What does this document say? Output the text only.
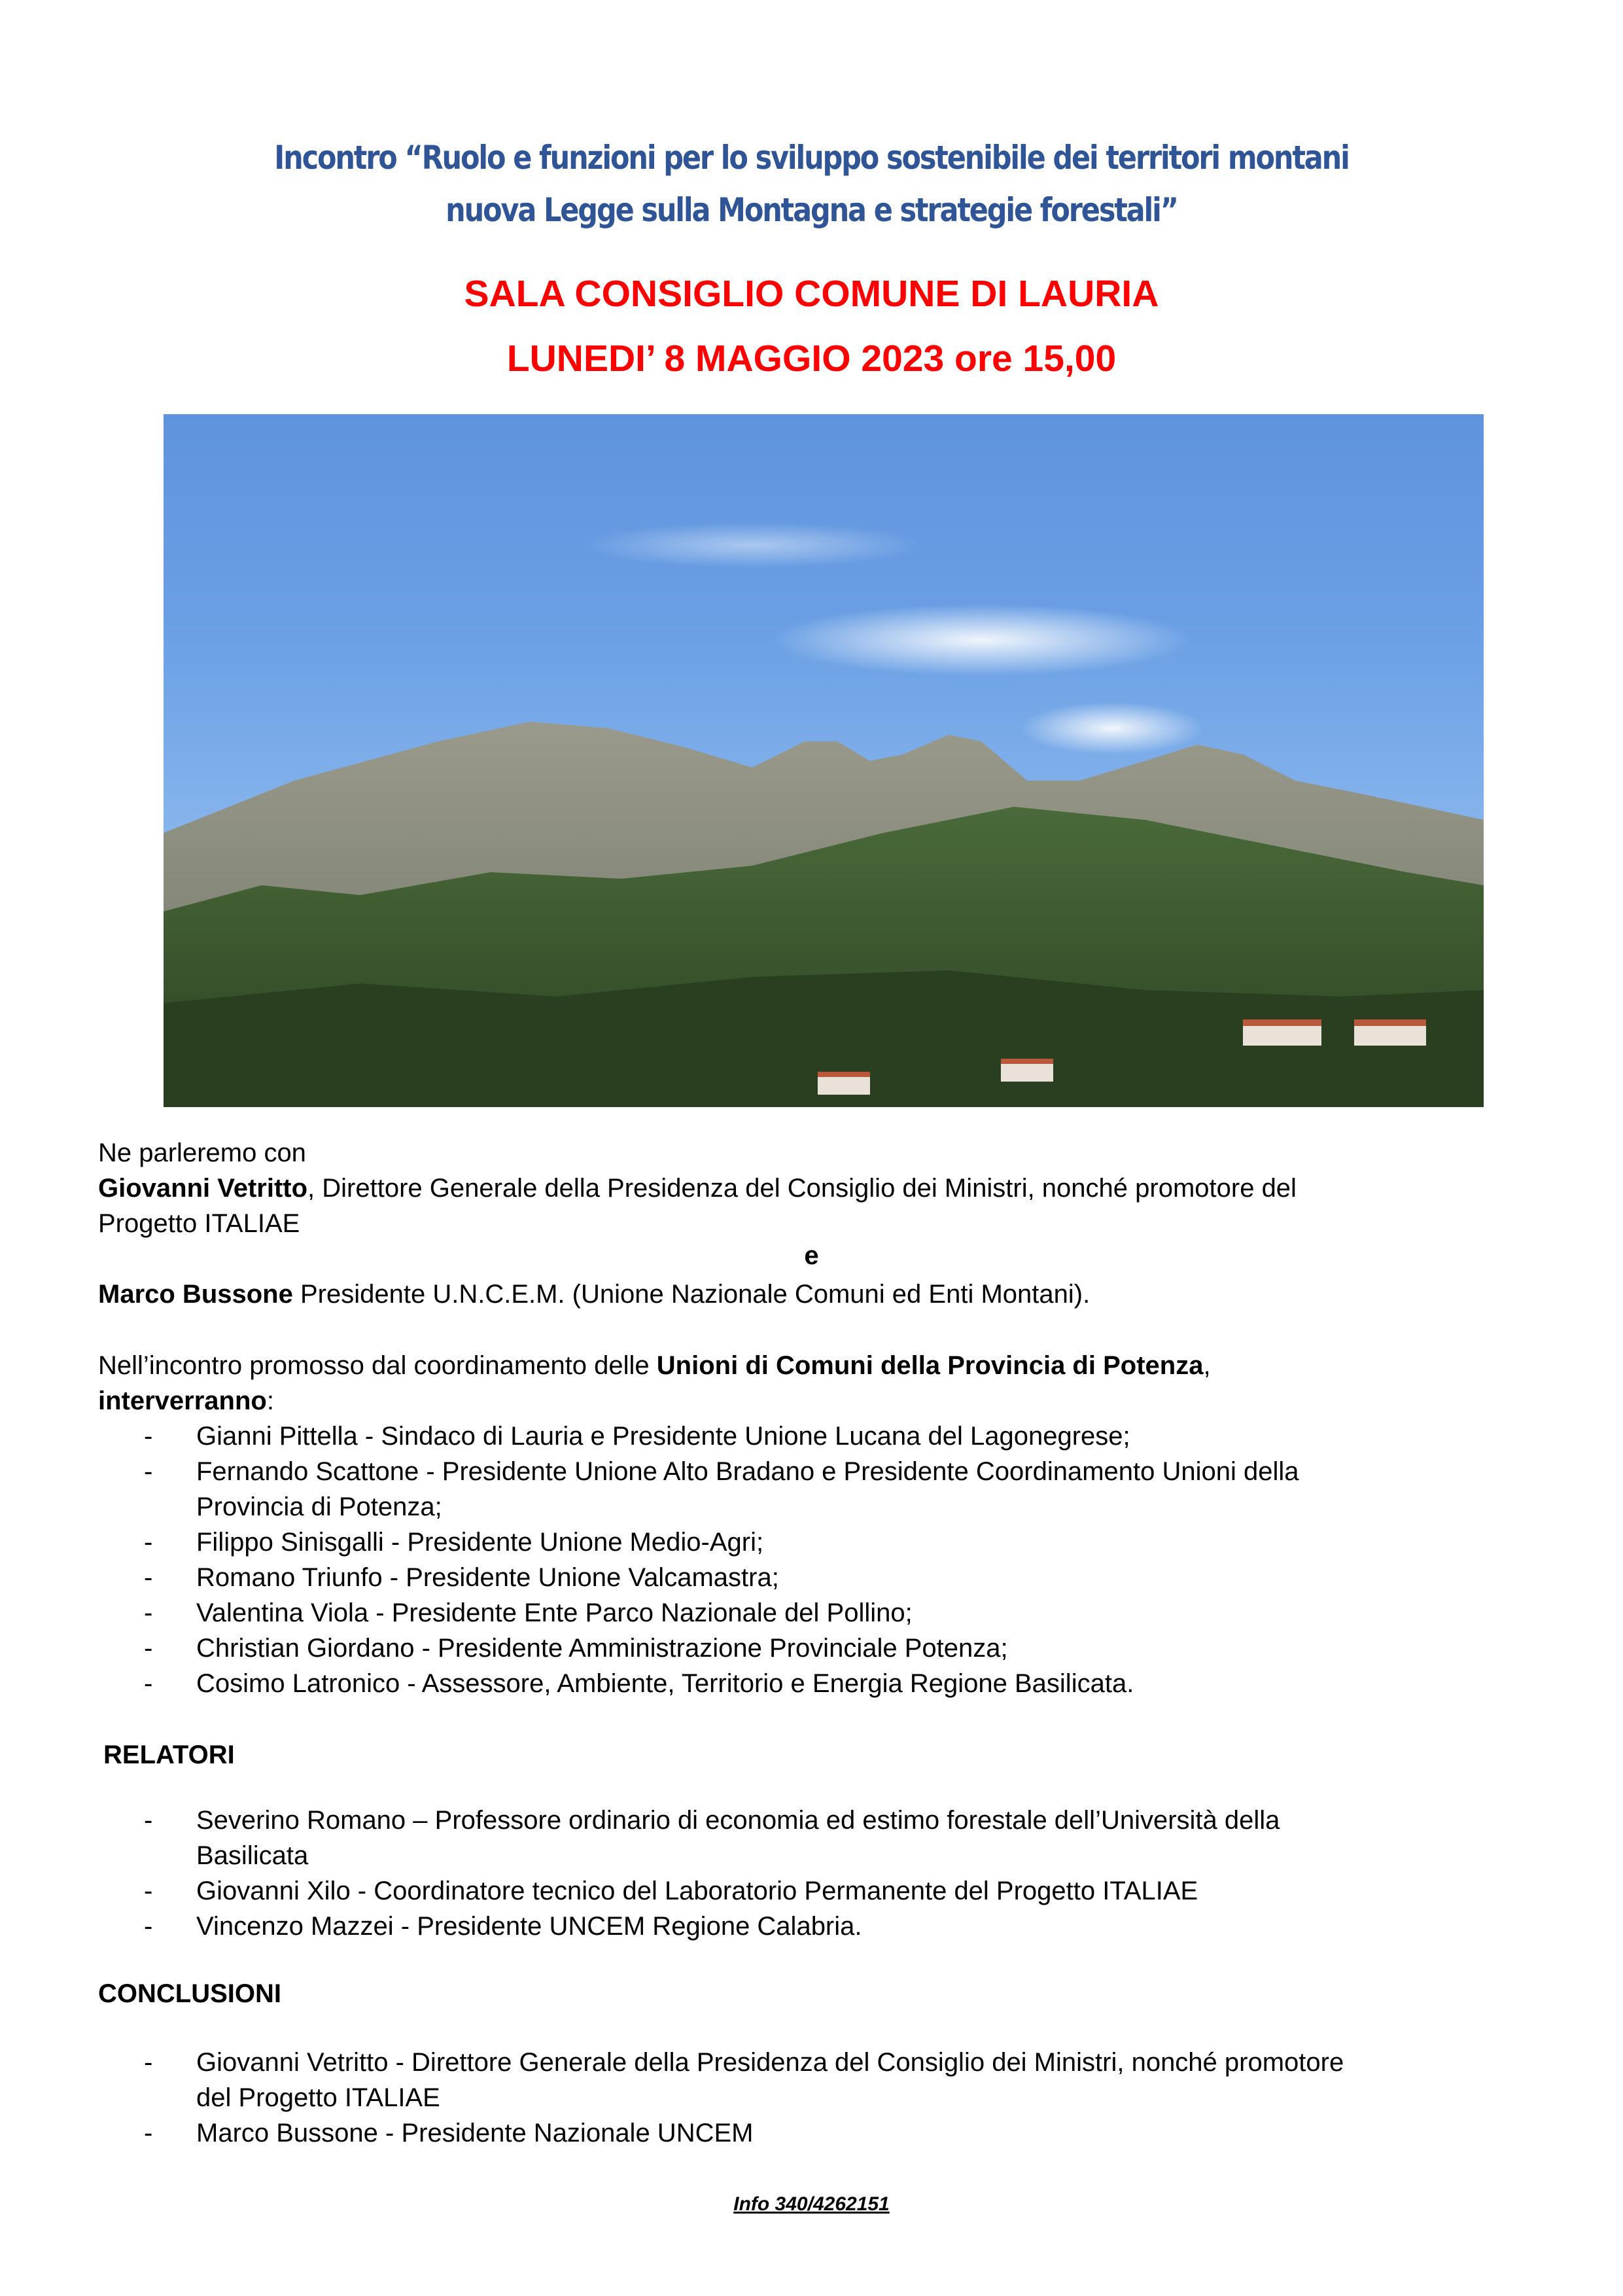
Incontro “Ruolo e funzioni per lo sviluppo sostenibile dei territori montani
nuova Legge sulla Montagna e strategie forestali”
SALA CONSIGLIO COMUNE DI LAURIA
LUNEDI’ 8 MAGGIO 2023 ore 15,00
Ne parleremo con
Giovanni Vetritto, Direttore Generale della Presidenza del Consiglio dei Ministri, nonché promotore del
Progetto ITALIAE
e
Marco Bussone Presidente U.N.C.E.M. (Unione Nazionale Comuni ed Enti Montani).
Nell’incontro promosso dal coordinamento delle Unioni di Comuni della Provincia di Potenza,
interverranno:
- Gianni Pittella - Sindaco di Lauria e Presidente Unione Lucana del Lagonegrese;
- Fernando Scattone - Presidente Unione Alto Bradano e Presidente Coordinamento Unioni della
Provincia di Potenza;
- Filippo Sinisgalli - Presidente Unione Medio-Agri;
- Romano Triunfo - Presidente Unione Valcamastra;
- Valentina Viola - Presidente Ente Parco Nazionale del Pollino;
- Christian Giordano - Presidente Amministrazione Provinciale Potenza;
- Cosimo Latronico - Assessore, Ambiente, Territorio e Energia Regione Basilicata.
RELATORI
- Severino Romano – Professore ordinario di economia ed estimo forestale dell’Università della
Basilicata
- Giovanni Xilo - Coordinatore tecnico del Laboratorio Permanente del Progetto ITALIAE
- Vincenzo Mazzei - Presidente UNCEM Regione Calabria.
CONCLUSIONI
- Giovanni Vetritto - Direttore Generale della Presidenza del Consiglio dei Ministri, nonché promotore
del Progetto ITALIAE
- Marco Bussone - Presidente Nazionale UNCEM
Info 340/4262151
